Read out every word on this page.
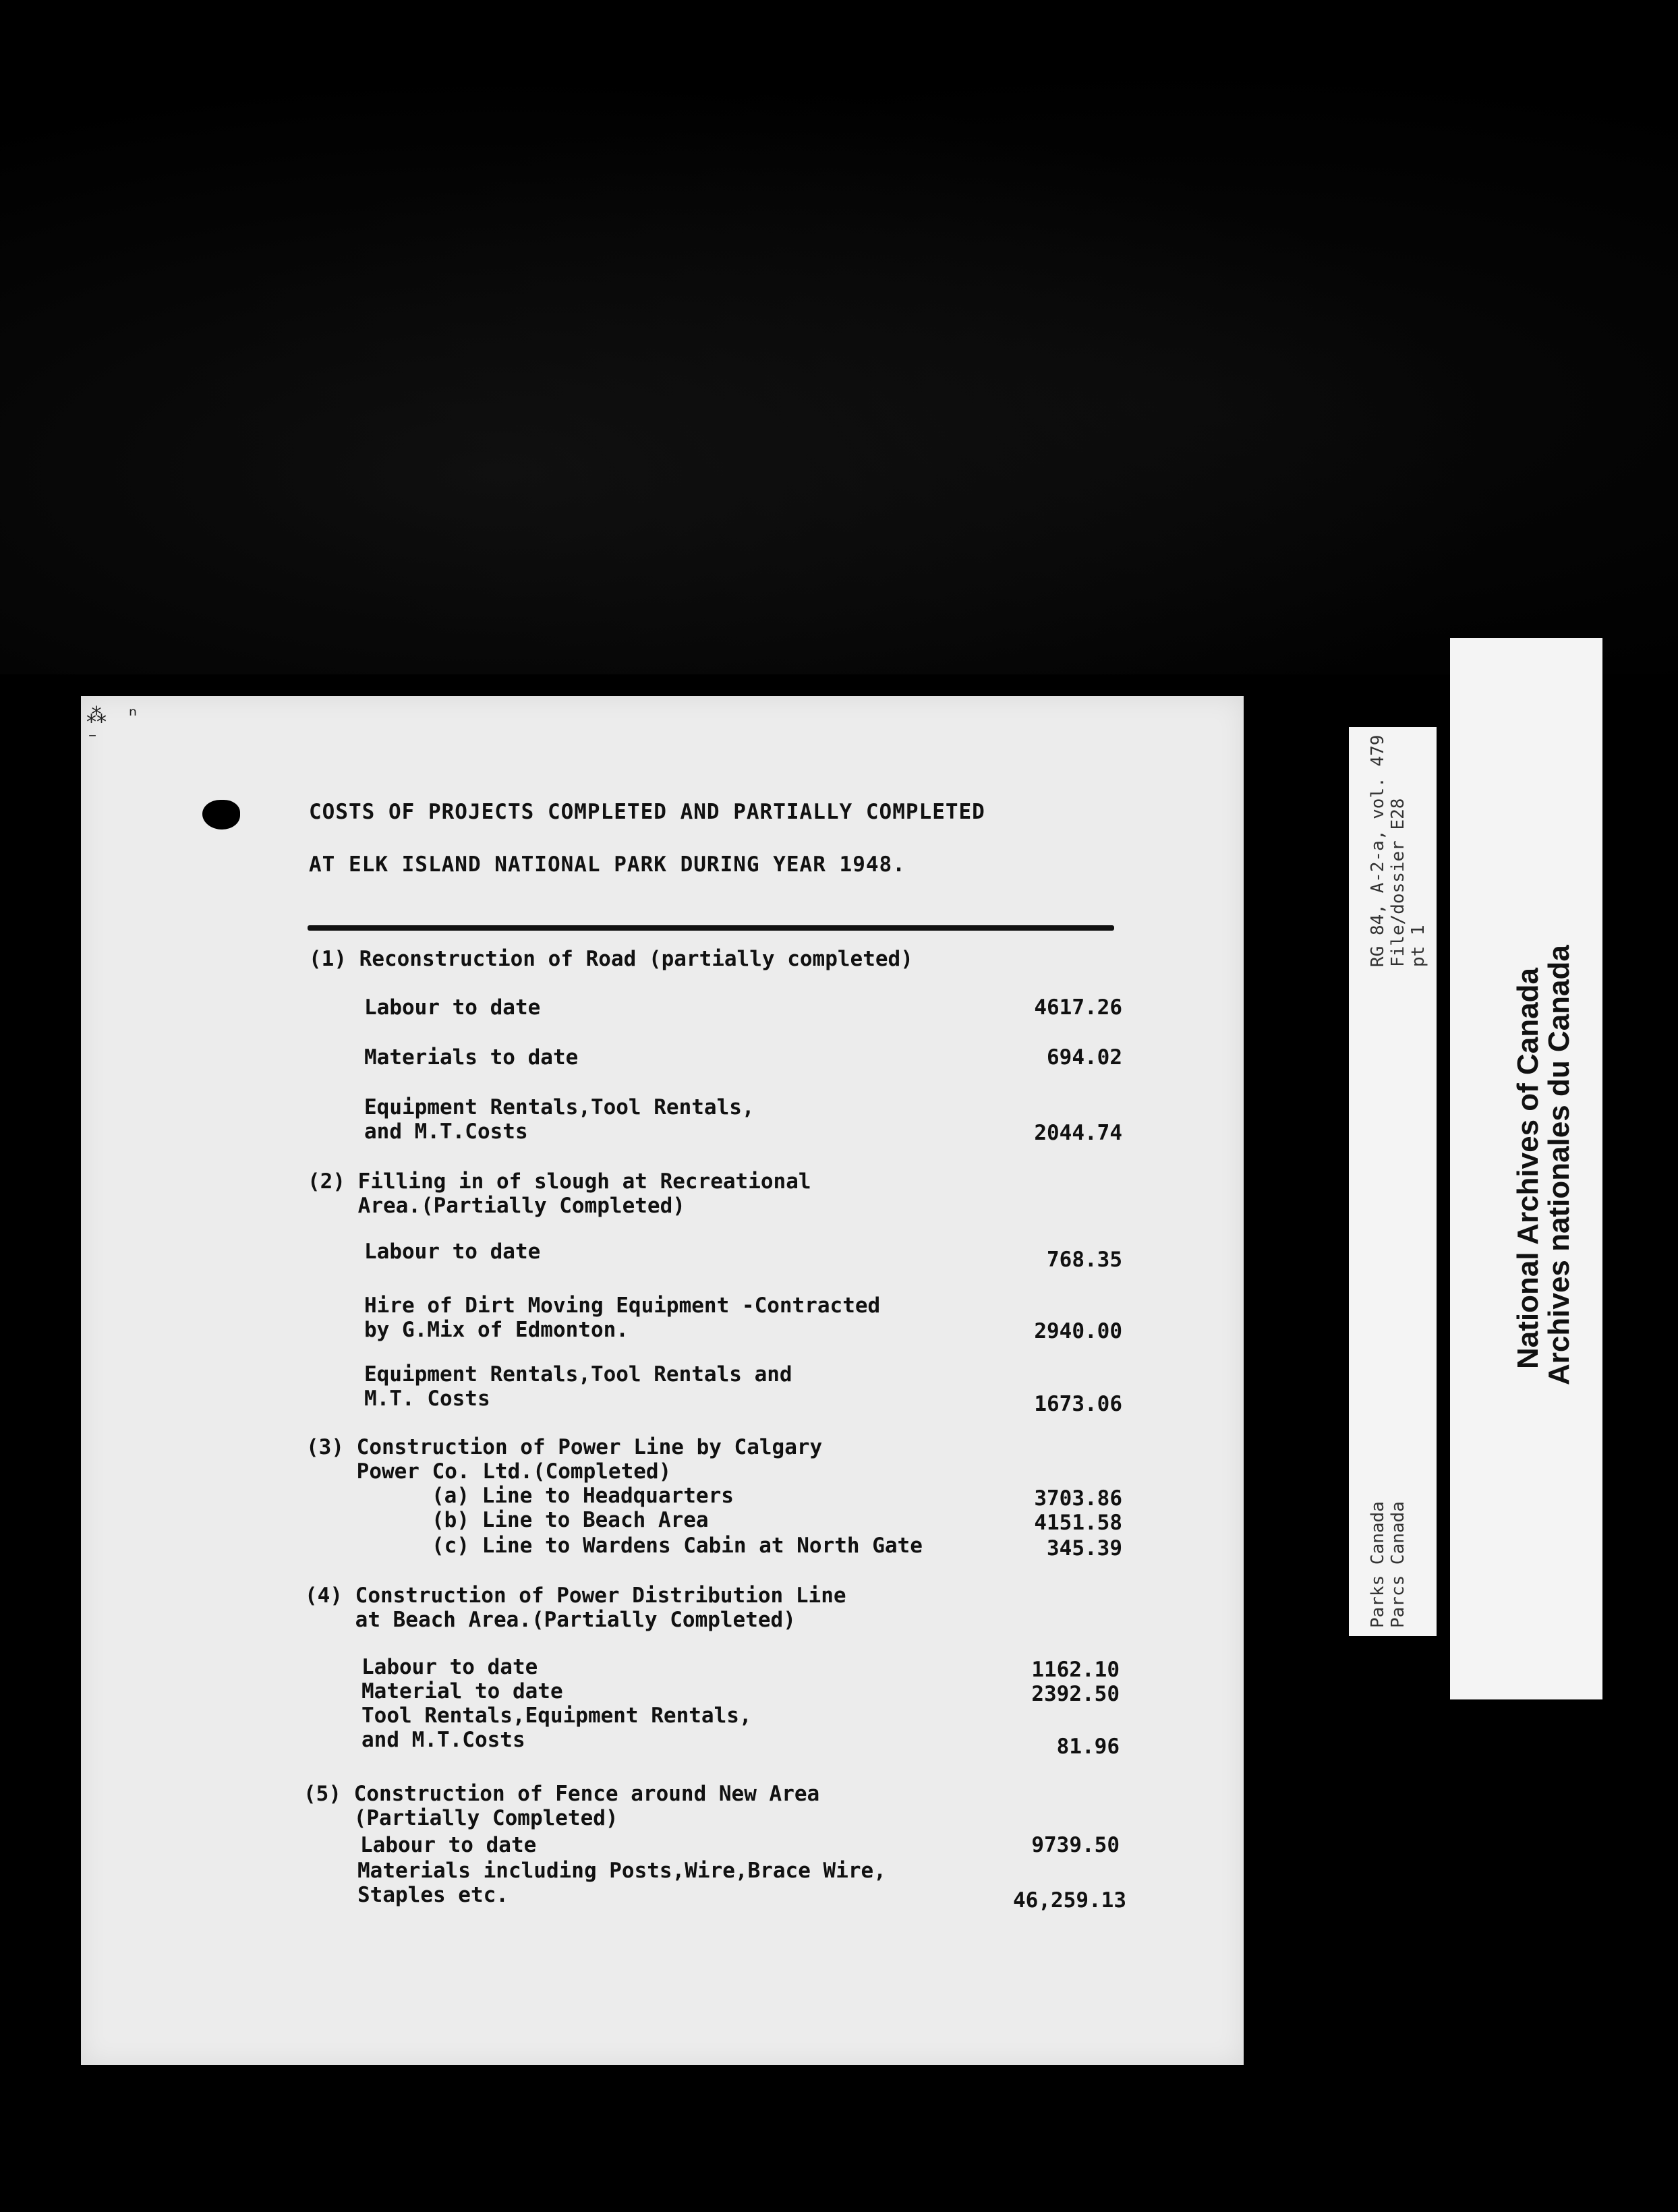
⁂ ⁿ ⁻
COSTS OF PROJECTS COMPLETED AND PARTIALLY COMPLETED
AT ELK ISLAND NATIONAL PARK DURING YEAR 1948.
(1) Reconstruction of Road (partially completed)
Labour to date	4617.26
Materials to date	694.02
Equipment Rentals,Tool Rentals,
and M.T.Costs	2044.74
(2) Filling in of slough at Recreational
Area.(Partially Completed)
Labour to date	768.35
Hire of Dirt Moving Equipment -Contracted
by G.Mix of Edmonton.	2940.00
Equipment Rentals,Tool Rentals and
M.T. Costs	1673.06
(3) Construction of Power Line by Calgary
Power Co. Ltd.(Completed)
(a) Line to Headquarters	3703.86
(b) Line to Beach Area	4151.58
(c) Line to Wardens Cabin at North Gate	345.39
(4) Construction of Power Distribution Line
at Beach Area.(Partially Completed)
Labour to date	1162.10
Material to date	2392.50
Tool Rentals,Equipment Rentals,
and M.T.Costs	81.96
(5) Construction of Fence around New Area
(Partially Completed)
Labour to date	9739.50
Materials including Posts,Wire,Brace Wire,
Staples etc.	46,259.13
Parks Canada Parcs Canada
RG 84, A-2-a, vol. 479 File/dossier E28 pt 1
National Archives of Canada
Archives nationales du Canada
